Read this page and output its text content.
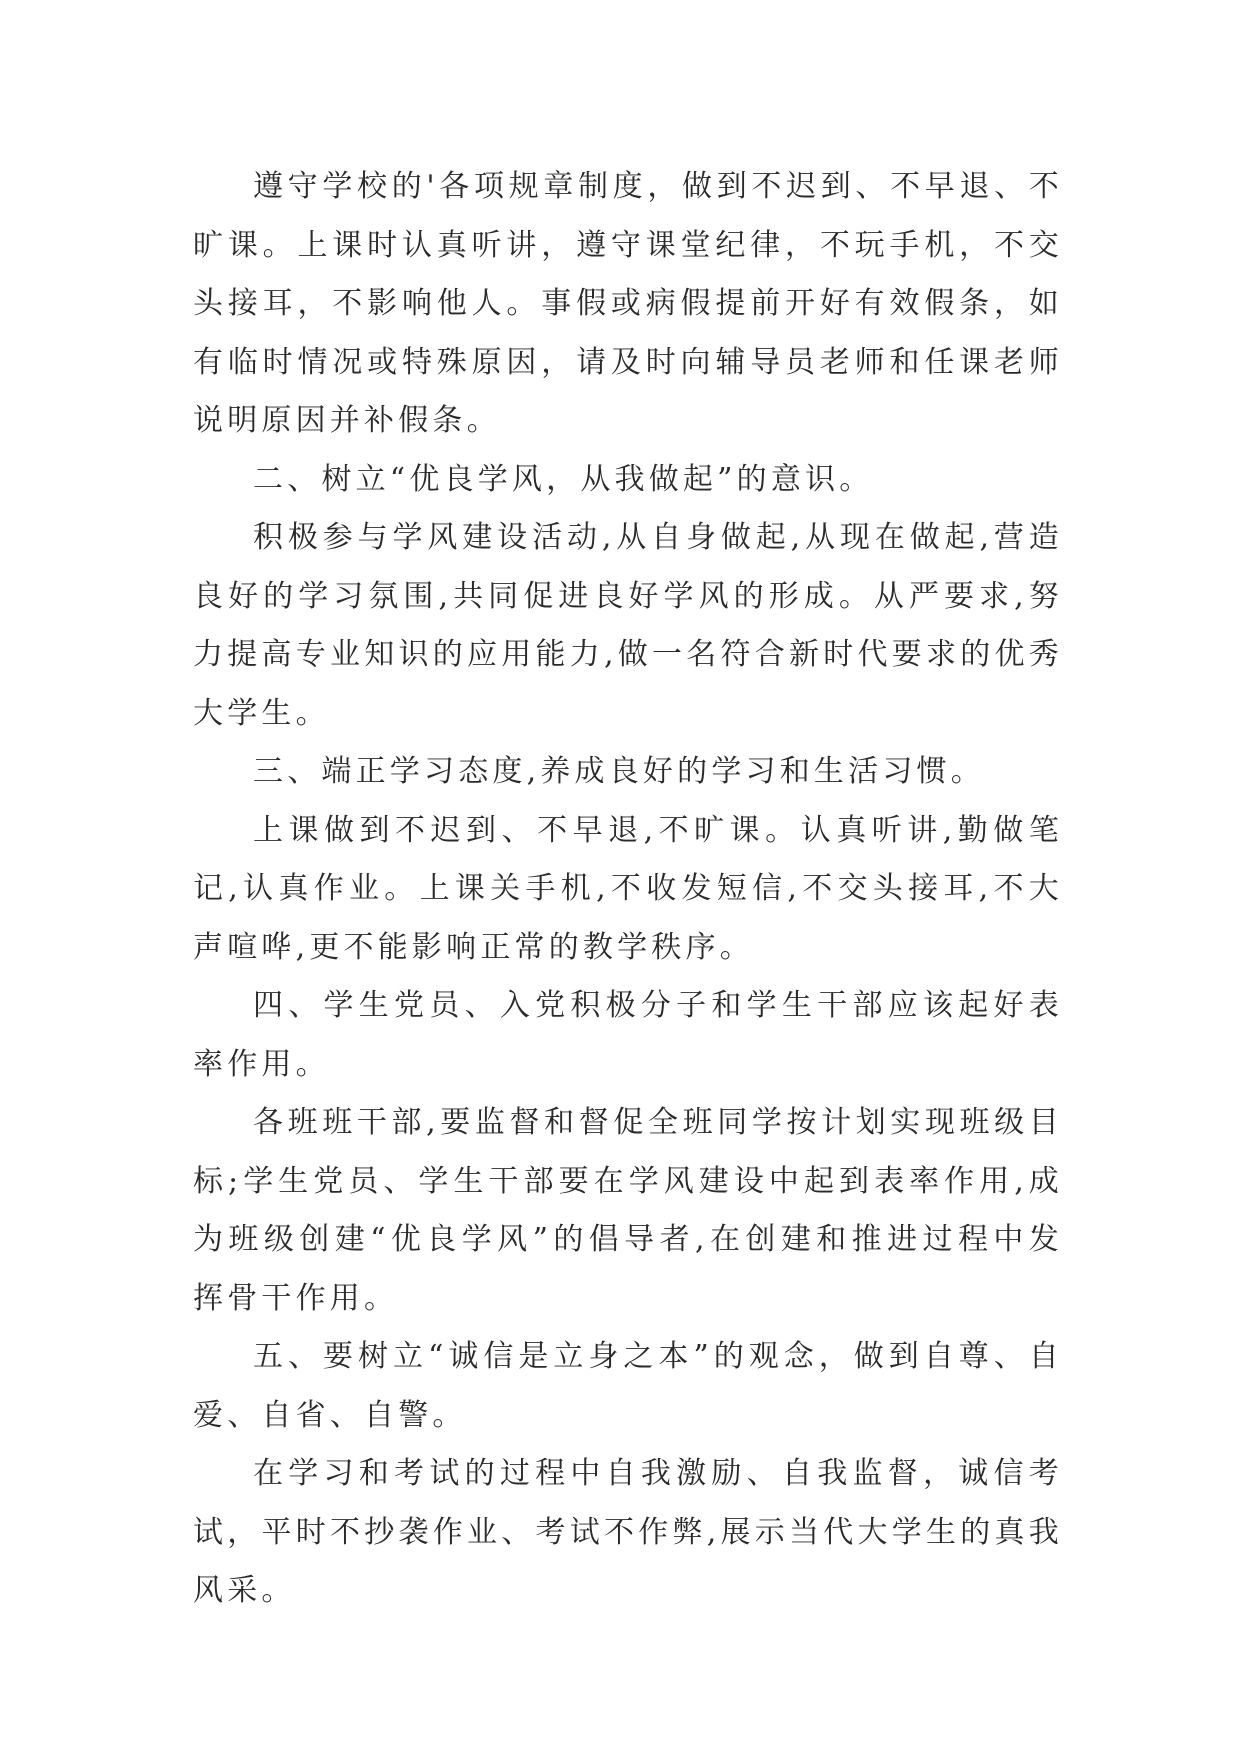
遵守学校的'各项规章制度，做到不迟到、不早退、不旷课。上课时认真听讲，遵守课堂纪律，不玩手机，不交头接耳，不影响他人。事假或病假提前开好有效假条，如有临时情况或特殊原因，请及时向辅导员老师和任课老师说明原因并补假条。

二、树立“优良学风，从我做起”的意识。

积极参与学风建设活动,从自身做起,从现在做起,营造良好的学习氛围,共同促进良好学风的形成。从严要求,努力提高专业知识的应用能力,做一名符合新时代要求的优秀大学生。

三、端正学习态度,养成良好的学习和生活习惯。

上课做到不迟到、不早退,不旷课。认真听讲,勤做笔记,认真作业。上课关手机,不收发短信,不交头接耳,不大声喧哗,更不能影响正常的教学秩序。

四、学生党员、入党积极分子和学生干部应该起好表率作用。

各班班干部,要监督和督促全班同学按计划实现班级目标;学生党员、学生干部要在学风建设中起到表率作用,成为班级创建“优良学风”的倡导者,在创建和推进过程中发挥骨干作用。

五、要树立“诚信是立身之本”的观念，做到自尊、自爱、自省、自警。

在学习和考试的过程中自我激励、自我监督，诚信考试，平时不抄袭作业、考试不作弊,展示当代大学生的真我风采。
